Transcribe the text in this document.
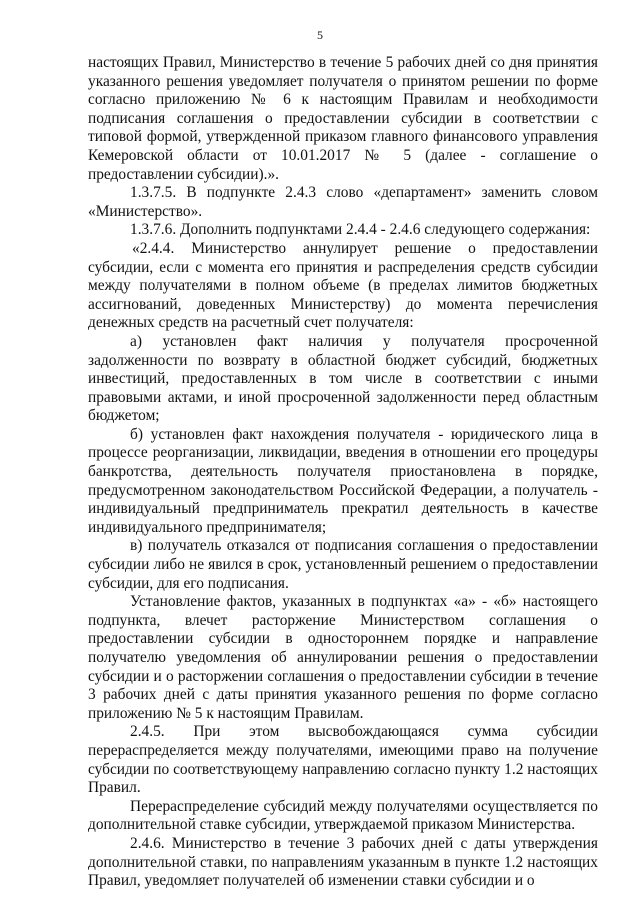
5

настоящих Правил, Министерство в течение 5 рабочих дней со дня принятия указанного решения уведомляет получателя о принятом решении по форме согласно приложению № 6 к настоящим Правилам и необходимости подписания соглашения о предоставлении субсидии в соответствии с типовой формой, утвержденной приказом главного финансового управления Кемеровской области от 10.01.2017 № 5 (далее - соглашение о предоставлении субсидии).».

1.3.7.5. В подпункте 2.4.3 слово «департамент» заменить словом «Министерство».

1.3.7.6. Дополнить подпунктами 2.4.4 - 2.4.6 следующего содержания:

«2.4.4. Министерство аннулирует решение о предоставлении субсидии, если с момента его принятия и распределения средств субсидии между получателями в полном объеме (в пределах лимитов бюджетных ассигнований, доведенных Министерству) до момента перечисления денежных средств на расчетный счет получателя:

а) установлен факт наличия у получателя просроченной задолженности по возврату в областной бюджет субсидий, бюджетных инвестиций, предоставленных в том числе в соответствии с иными правовыми актами, и иной просроченной задолженности перед областным бюджетом;

б) установлен факт нахождения получателя - юридического лица в процессе реорганизации, ликвидации, введения в отношении его процедуры банкротства, деятельность получателя приостановлена в порядке, предусмотренном законодательством Российской Федерации, а получатель - индивидуальный предприниматель прекратил деятельность в качестве индивидуального предпринимателя;

в) получатель отказался от подписания соглашения о предоставлении субсидии либо не явился в срок, установленный решением о предоставлении субсидии, для его подписания.

Установление фактов, указанных в подпунктах «а» - «б» настоящего подпункта, влечет расторжение Министерством соглашения о предоставлении субсидии в одностороннем порядке и направление получателю уведомления об аннулировании решения о предоставлении субсидии и о расторжении соглашения о предоставлении субсидии в течение 3 рабочих дней с даты принятия указанного решения по форме согласно приложению № 5 к настоящим Правилам.

2.4.5. При этом высвобождающаяся сумма субсидии перераспределяется между получателями, имеющими право на получение субсидии по соответствующему направлению согласно пункту 1.2 настоящих Правил.

Перераспределение субсидий между получателями осуществляется по дополнительной ставке субсидии, утверждаемой приказом Министерства.

2.4.6. Министерство в течение 3 рабочих дней с даты утверждения дополнительной ставки, по направлениям указанным в пункте 1.2 настоящих Правил, уведомляет получателей об изменении ставки субсидии и о
